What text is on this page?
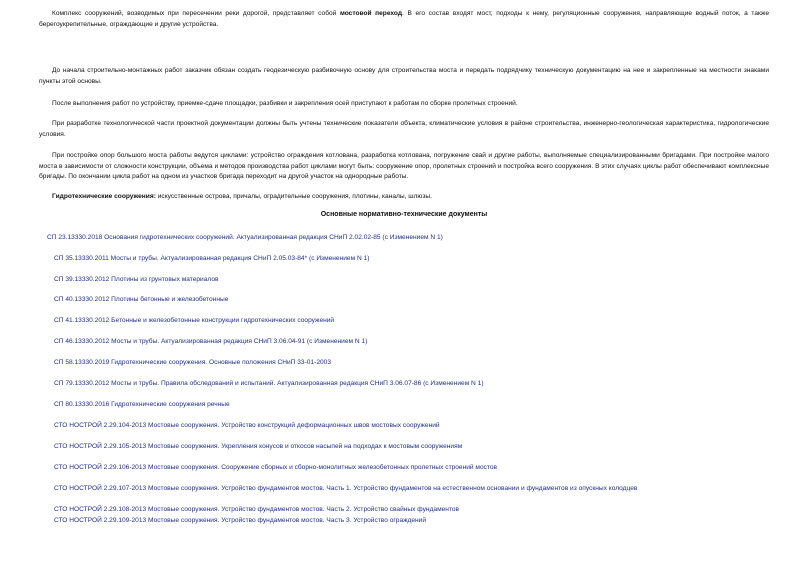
Комплекс сооружений, возводимых при пересечении реки дорогой, представляет собой мостовой переход. В его состав входят мост, подходы к нему, регуляционные сооружения, направляющие водный поток, а также берегоукрепительные, ограждающие и другие устройства.

До начала строительно-монтажных работ заказчик обязан создать геодезическую разбивочную основу для строительства моста и передать подрядчику техническую документацию на нее и закрепленные на местности знаками пункты этой основы.

После выполнения работ по устройству, приемке-сдаче площадки, разбивки и закрепления осей приступают к работам по сборке пролетных строений.

При разработке технологической части проектной документации должны быть учтены технические показатели объекта, климатические условия в районе строительства, инженерно-геологическая характеристика, гидрологические условия.

При постройке опор большого моста работы ведутся циклами: устройство ограждения котлована, разработка котлована, погружение свай и другие работы, выполняемые специализированными бригадами. При постройке малого моста в зависимости от сложности конструкции, объема и методов производства работ циклами могут быть: сооружение опор, пролетных строений и постройка всего сооружения. В этих случаях циклы работ обеспечивают комплексные бригады. По окончании цикла работ на одном из участков бригада переходит на другой участок на однородные работы.

Гидротехнические сооружения: искусственные острова, причалы, оградительные сооружения, плотины, каналы, шлюзы.

Основные нормативно-технические документы
СП 23.13330.2018 Основания гидротехнических сооружений. Актуализированная редакция СНиП 2.02.02-85 (с Изменением N 1)
СП 35.13330.2011 Мосты и трубы. Актуализированная редакция СНиП 2.05.03-84* (с Изменением N 1)
СП 39.13330.2012 Плотины из грунтовых материалов
СП 40.13330.2012 Плотины бетонные и железобетонные
СП 41.13330.2012 Бетонные и железобетонные конструкции гидротехнических сооружений
СП 46.13330.2012 Мосты и трубы. Актуализированная редакция СНиП 3.06.04-91 (с Изменением N 1)
СП 58.13330.2019 Гидротехнические сооружения. Основные положения СНиП 33-01-2003
СП 79.13330.2012 Мосты и трубы. Правила обследований и испытаний. Актуализированная редакция СНиП 3.06.07-86 (с Изменением N 1)
СП 80.13330.2016 Гидротехнические сооружения речные
СТО НОСТРОЙ 2.29.104-2013 Мостовые сооружения. Устройство конструкций деформационных швов мостовых сооружений
СТО НОСТРОЙ 2.29.105-2013 Мостовые сооружения. Укрепления конусов и откосов насыпей на подходах к мостовым сооружениям
СТО НОСТРОЙ 2.29.106-2013 Мостовые сооружения. Сооружение сборных и сборно-монолитных железобетонных пролетных строений мостов
СТО НОСТРОЙ 2.29.107-2013 Мостовые сооружения. Устройство фундаментов мостов. Часть 1. Устройство фундаментов на естественном основании и фундаментов из опускных колодцев
СТО НОСТРОЙ 2.29.108-2013 Мостовые сооружения. Устройство фундаментов мостов. Часть 2. Устройство свайных фундаментов
СТО НОСТРОЙ 2.29.109-2013 Мостовые сооружения. Устройство фундаментов мостов. Часть 3. Устройство ограждений
